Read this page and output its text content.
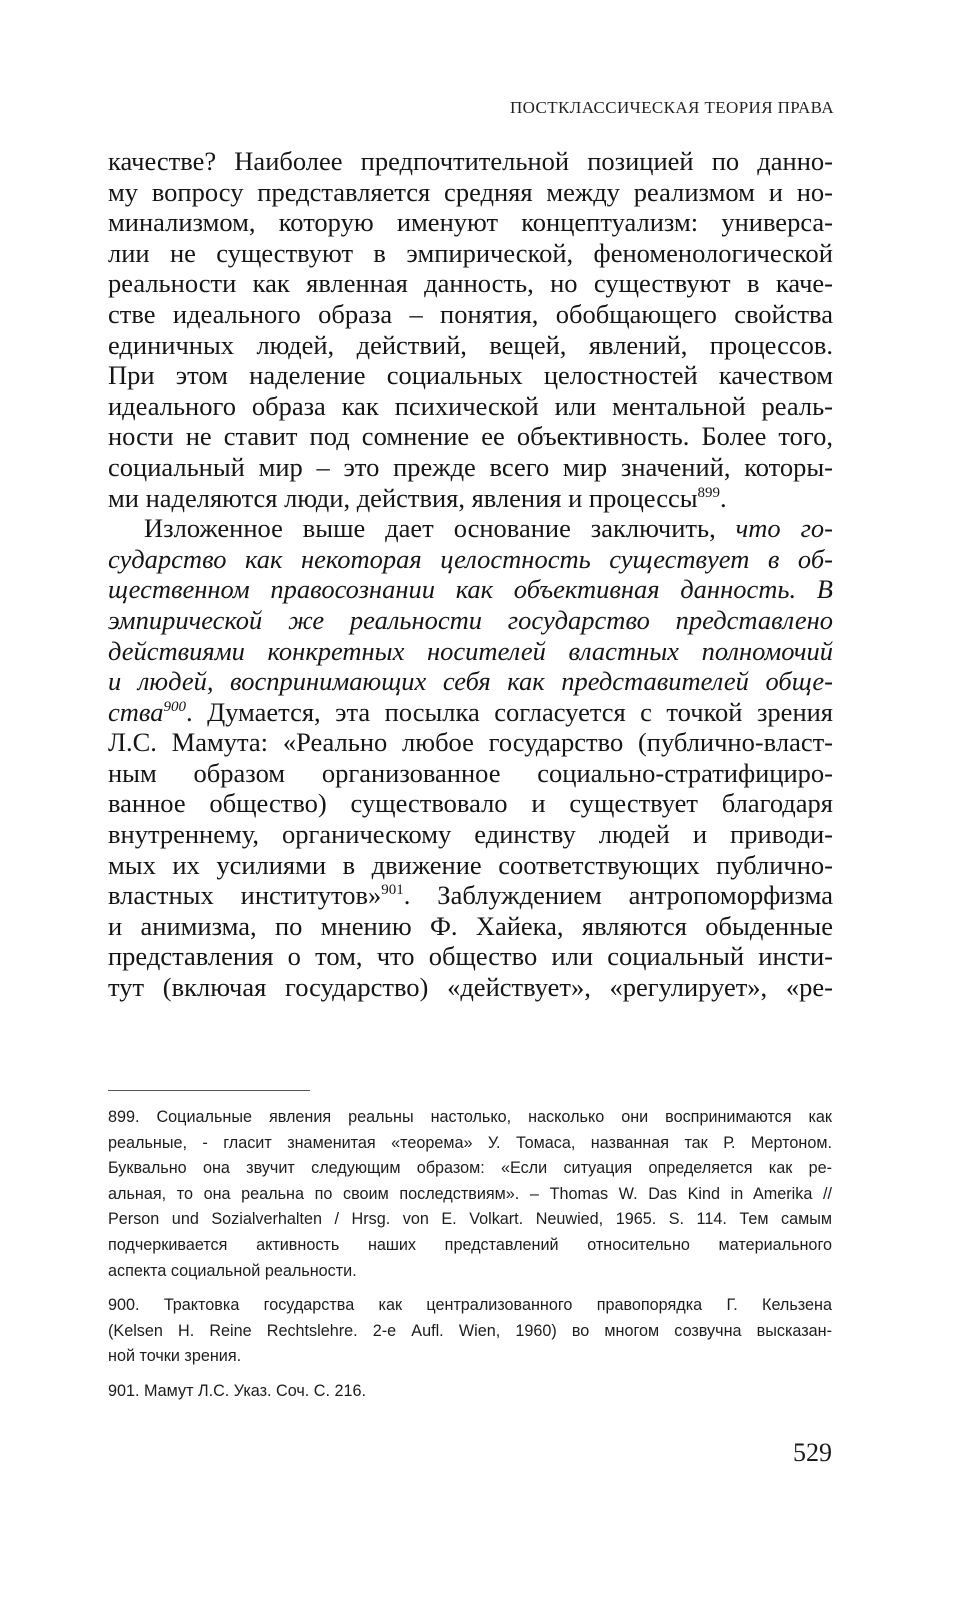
ПОСТКЛАССИЧЕСКАЯ ТЕОРИЯ ПРАВА
качестве? Наиболее предпочтительной позицией по данно-
му вопросу представляется средняя между реализмом и но-
минализмом, которую именуют концептуализм: универса-
лии не существуют в эмпирической, феноменологической
реальности как явленная данность, но существуют в каче-
стве идеального образа – понятия, обобщающего свойства
единичных людей, действий, вещей, явлений, процессов.
При этом наделение социальных целостностей качеством
идеального образа как психической или ментальной реаль-
ности не ставит под сомнение ее объективность. Более того,
социальный мир – это прежде всего мир значений, которы-
ми наделяются люди, действия, явления и процессы$^{899}$.
Изложенное выше дает основание заключить, что го-
сударство как некоторая целостность существует в об-
щественном правосознании как объективная данность. В
эмпирической же реальности государство представлено
действиями конкретных носителей властных полномочий
и людей, воспринимающих себя как представителей обще-
ства$^{900}$. Думается, эта посылка согласуется с точкой зрения
Л.С. Мамута: «Реально любое государство (публично-власт-
ным образом организованное социально-стратифициро-
ванное общество) существовало и существует благодаря
внутреннему, органическому единству людей и приводи-
мых их усилиями в движение соответствующих публично-
властных институтов»$^{901}$. Заблуждением антропоморфизма
и анимизма, по мнению Ф. Хайека, являются обыденные
представления о том, что общество или социальный инсти-
тут (включая государство) «действует», «регулирует», «ре-
899. Социальные явления реальны настолько, насколько они воспринимаются как
реальные, - гласит знаменитая «теорема» У. Томаса, названная так Р. Мертоном.
Буквально она звучит следующим образом: «Если ситуация определяется как ре-
альная, то она реальна по своим последствиям». – Thomas W. Das Kind in Amerika //
Person und Sozialverhalten / Hrsg. von E. Volkart. Neuwied, 1965. S. 114. Тем самым
подчеркивается активность наших представлений относительно материального
аспекта социальной реальности.
900. Трактовка государства как централизованного правопорядка Г. Кельзена
(Kelsen H. Reine Rechtslehre. 2-е Aufl. Wien, 1960) во многом созвучна высказан-
ной точки зрения.
901. Мамут Л.С. Указ. Соч. С. 216.
529
